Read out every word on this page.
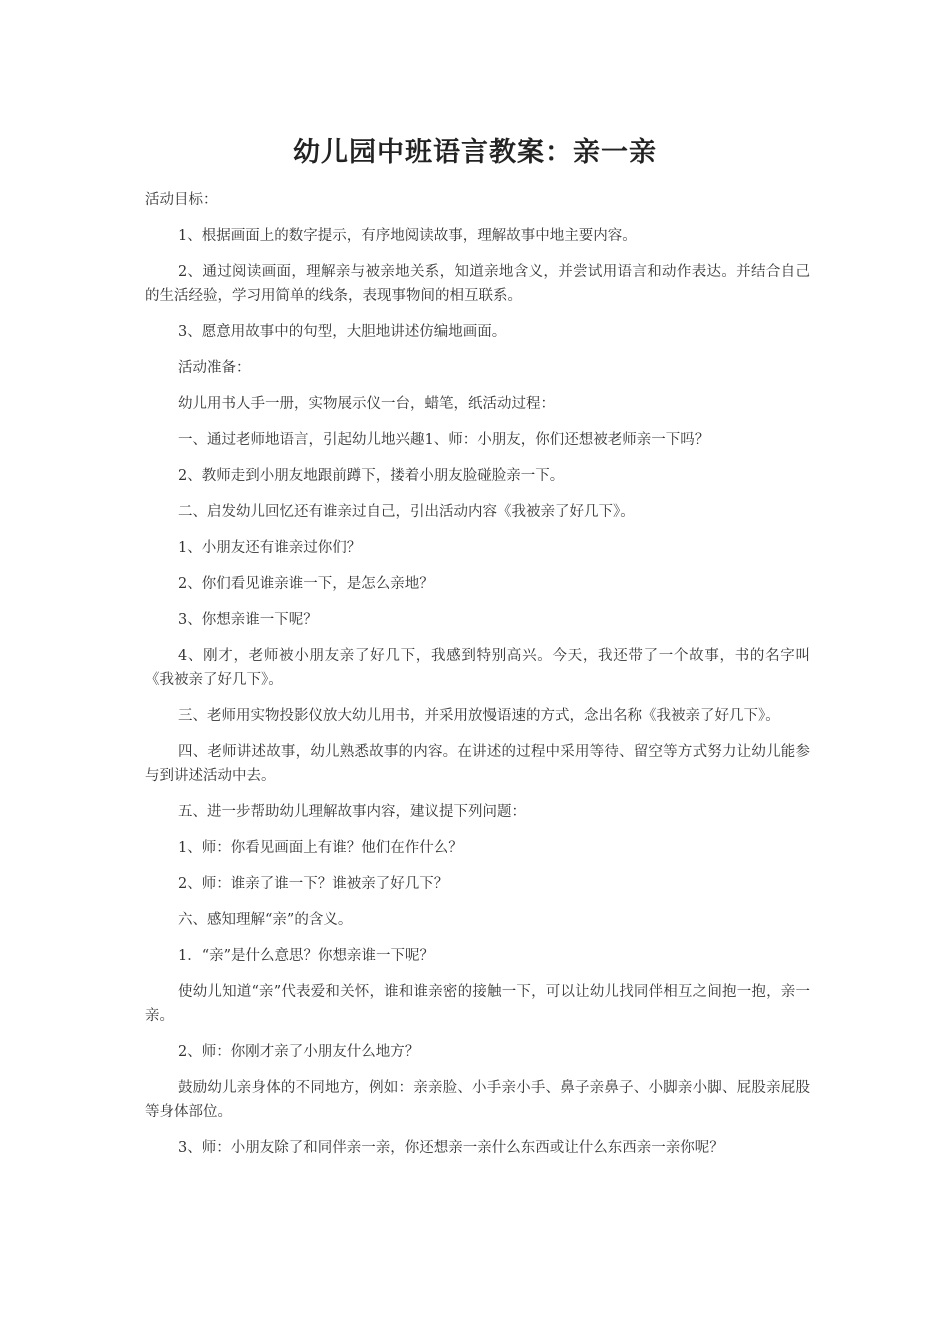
幼儿园中班语言教案：亲一亲

活动目标：

1、根据画面上的数字提示，有序地阅读故事，理解故事中地主要内容。

2、通过阅读画面，理解亲与被亲地关系，知道亲地含义，并尝试用语言和动作表达。并结合自己的生活经验，学习用简单的线条，表现事物间的相互联系。

3、愿意用故事中的句型，大胆地讲述仿编地画面。

活动准备：

幼儿用书人手一册，实物展示仪一台，蜡笔，纸活动过程：

一、通过老师地语言，引起幼儿地兴趣1、师：小朋友，你们还想被老师亲一下吗？

2、教师走到小朋友地跟前蹲下，搂着小朋友脸碰脸亲一下。

二、启发幼儿回忆还有谁亲过自己，引出活动内容《我被亲了好几下》。

1、小朋友还有谁亲过你们？

2、你们看见谁亲谁一下，是怎么亲地？

3、你想亲谁一下呢？

4、刚才，老师被小朋友亲了好几下，我感到特别高兴。今天，我还带了一个故事，书的名字叫《我被亲了好几下》。

三、老师用实物投影仪放大幼儿用书，并采用放慢语速的方式，念出名称《我被亲了好几下》。

四、老师讲述故事，幼儿熟悉故事的内容。在讲述的过程中采用等待、留空等方式努力让幼儿能参与到讲述活动中去。

五、进一步帮助幼儿理解故事内容，建议提下列问题：

1、师：你看见画面上有谁？他们在作什么？

2、师：谁亲了谁一下？谁被亲了好几下？

六、感知理解“亲”的含义。

1．“亲”是什么意思？你想亲谁一下呢？

使幼儿知道“亲”代表爱和关怀，谁和谁亲密的接触一下，可以让幼儿找同伴相互之间抱一抱，亲一亲。

2、师：你刚才亲了小朋友什么地方？

鼓励幼儿亲身体的不同地方，例如：亲亲脸、小手亲小手、鼻子亲鼻子、小脚亲小脚、屁股亲屁股等身体部位。

3、师：小朋友除了和同伴亲一亲，你还想亲一亲什么东西或让什么东西亲一亲你呢？
